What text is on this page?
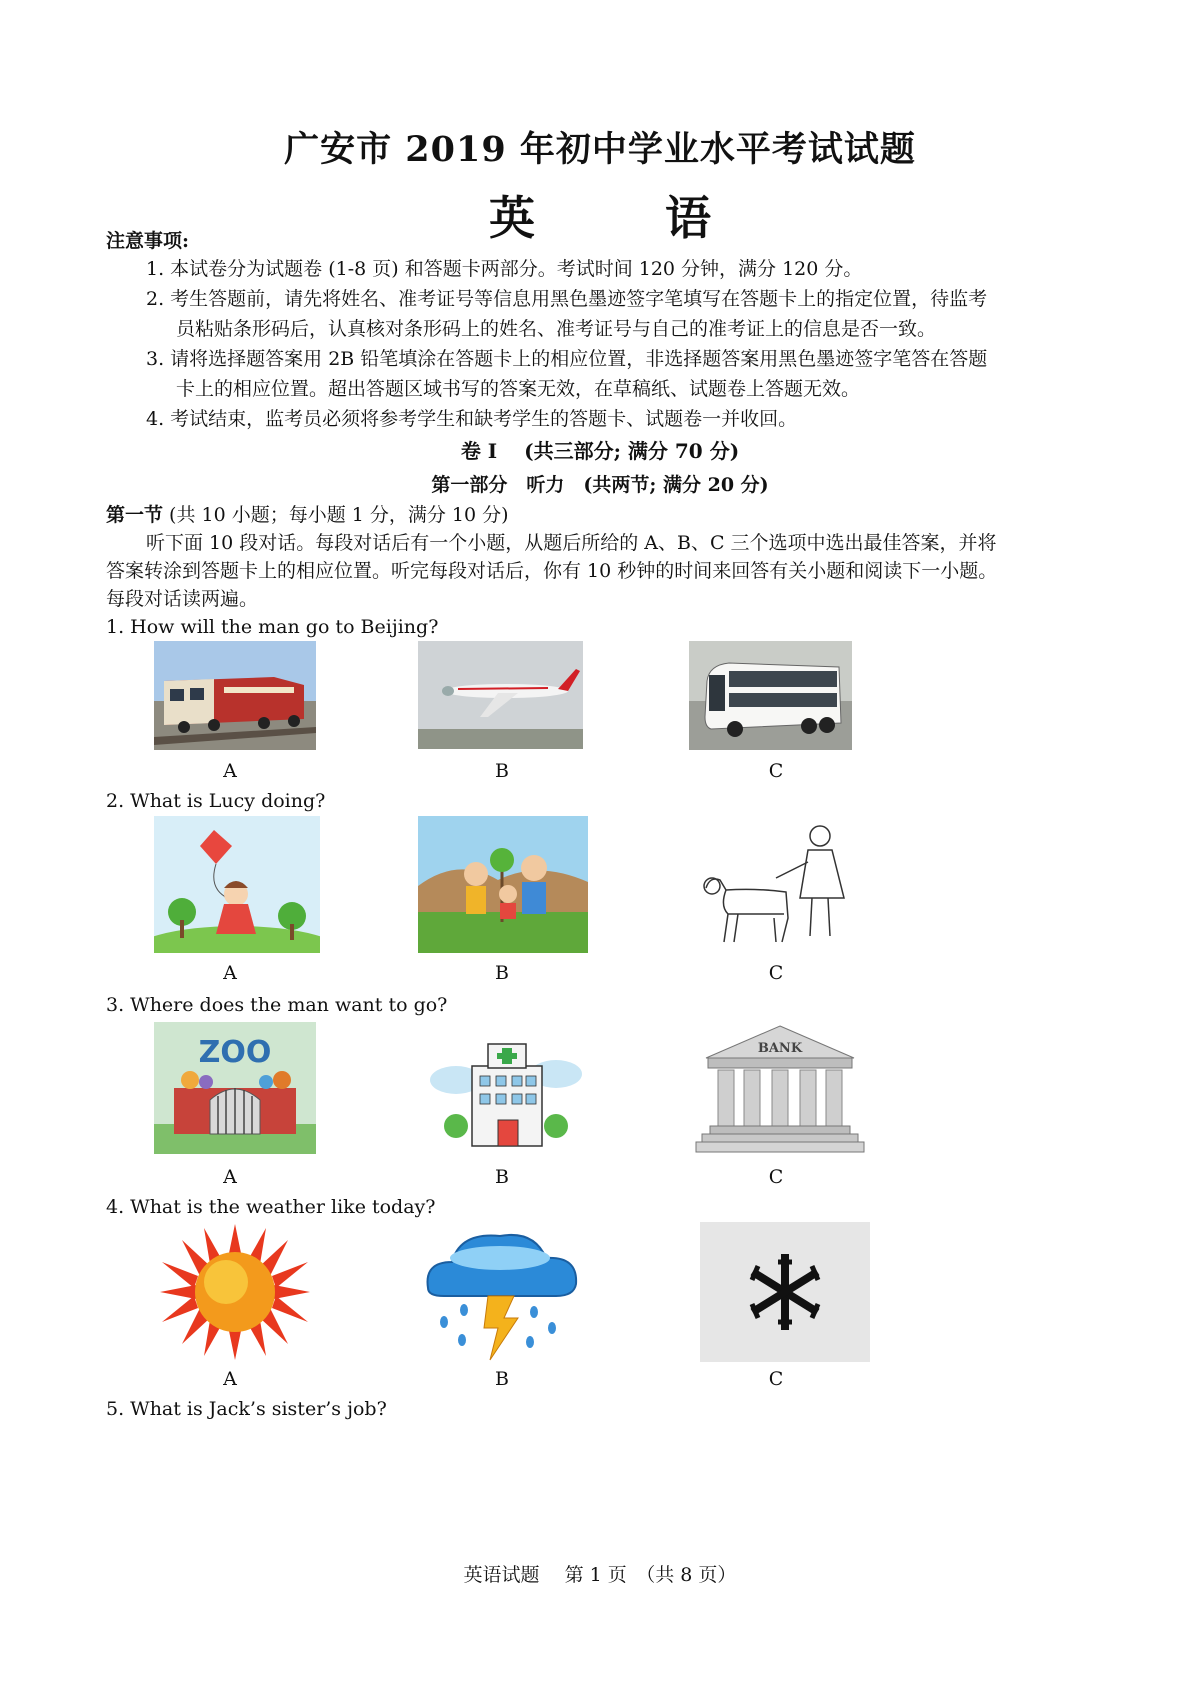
广安市 2019 年初中学业水平考试试题
英	语
注意事项:
1. 本试卷分为试题卷 (1-8 页) 和答题卡两部分。考试时间 120 分钟，满分 120 分。
2. 考生答题前，请先将姓名、准考证号等信息用黑色墨迹签字笔填写在答题卡上的指定位置，待监考
员粘贴条形码后，认真核对条形码上的姓名、准考证号与自己的准考证上的信息是否一致。
3. 请将选择题答案用 2B 铅笔填涂在答题卡上的相应位置，非选择题答案用黑色墨迹签字笔答在答题
卡上的相应位置。超出答题区域书写的答案无效，在草稿纸、试题卷上答题无效。
4. 考试结束，监考员必须将参考学生和缺考学生的答题卡、试题卷一并收回。
卷 I　 (共三部分; 满分 70 分)
第一部分　听力　(共两节; 满分 20 分)
第一节 (共 10 小题；每小题 1 分，满分 10 分)
听下面 10 段对话。每段对话后有一个小题，从题后所给的 A、B、C 三个选项中选出最佳答案，并将
答案转涂到答题卡上的相应位置。听完每段对话后，你有 10 秒钟的时间来回答有关小题和阅读下一小题。
每段对话读两遍。
1. How will the man go to Beijing?
A	B	C
2. What is Lucy doing?
A	B	C
3. Where does the man want to go?
ZOO	BANK
A	B	C
4. What is the weather like today?
A	B	C
5. What is Jack’s sister’s job?
英语试题　 第 1 页　（共 8 页）
